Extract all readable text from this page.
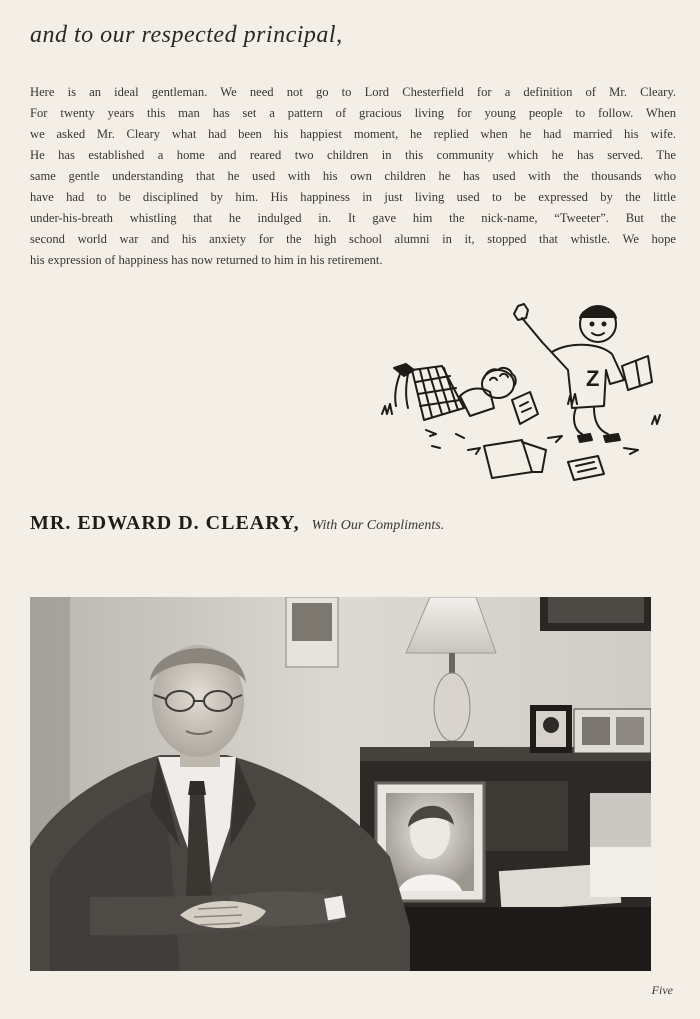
and to our respected principal,
Here is an ideal gentleman. We need not go to Lord Chesterfield for a definition of Mr. Cleary.
For twenty years this man has set a pattern of gracious living for young people to follow. When
we asked Mr. Cleary what had been his happiest moment, he replied when he had married his wife.
He has established a home and reared two children in this community which he has served. The
same gentle understanding that he used with his own children he has used with the thousands who
have had to be disciplined by him. His happiness in just living used to be expressed by the little
under-his-breath whistling that he indulged in. It gave him the nick-name, “Tweeter”. But the
second world war and his anxiety for the high school alumni in it, stopped that whistle. We hope
his expression of happiness has now returned to him in his retirement.
Z
MR. EDWARD D. CLEARY, With Our Compliments.
Five
